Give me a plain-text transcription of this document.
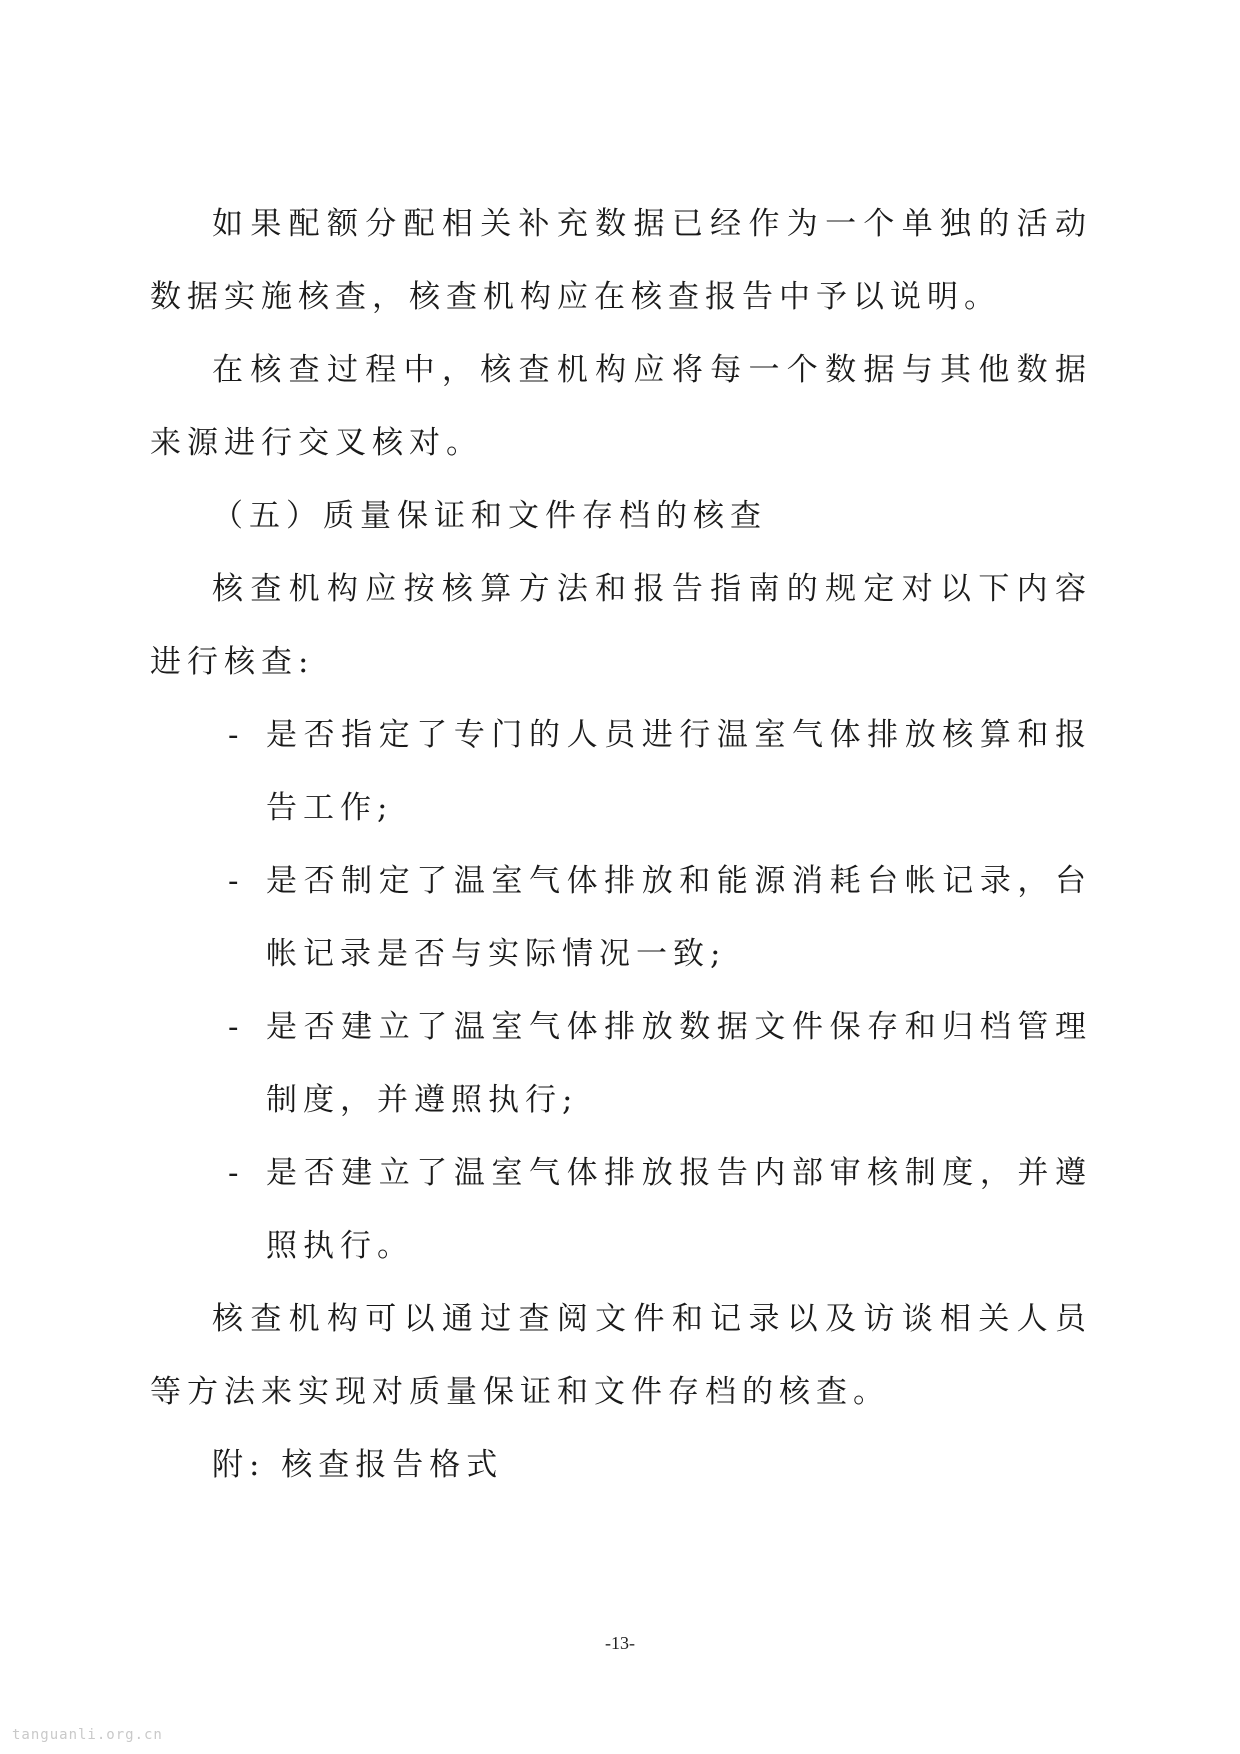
如果配额分配相关补充数据已经作为一个单独的活动数据实施核查，核查机构应在核查报告中予以说明。

在核查过程中，核查机构应将每一个数据与其他数据来源进行交叉核对。

（五）质量保证和文件存档的核查

核查机构应按核算方法和报告指南的规定对以下内容进行核查:

- 是否指定了专门的人员进行温室气体排放核算和报告工作;
- 是否制定了温室气体排放和能源消耗台帐记录，台帐记录是否与实际情况一致;
- 是否建立了温室气体排放数据文件保存和归档管理制度，并遵照执行;
- 是否建立了温室气体排放报告内部审核制度，并遵照执行。

核查机构可以通过查阅文件和记录以及访谈相关人员等方法来实现对质量保证和文件存档的核查。

附: 核查报告格式

-13-
tanguanli.org.cn
